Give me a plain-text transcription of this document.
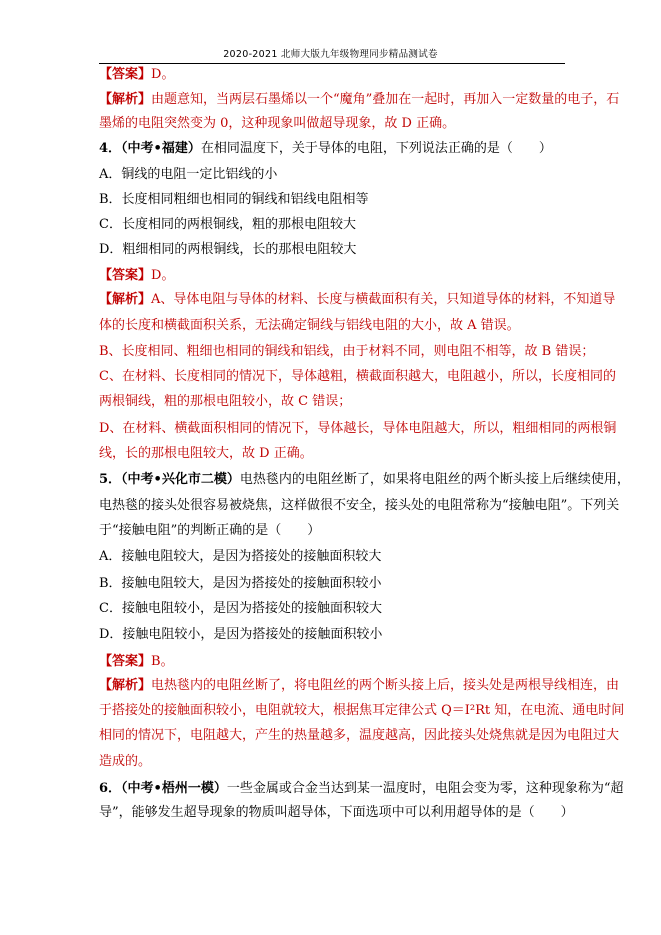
2020-2021 北师大版九年级物理同步精品测试卷
【答案】D。
【解析】由题意知，当两层石墨烯以一个“魔角”叠加在一起时，再加入一定数量的电子，石
墨烯的电阻突然变为 0，这种现象叫做超导现象，故 D 正确。
4．（中考•福建）在相同温度下，关于导体的电阻，下列说法正确的是（　　）
A．铜线的电阻一定比铝线的小
B．长度相同粗细也相同的铜线和铝线电阻相等
C．长度相同的两根铜线，粗的那根电阻较大
D．粗细相同的两根铜线，长的那根电阻较大
【答案】D。
【解析】A、导体电阻与导体的材料、长度与横截面积有关，只知道导体的材料，不知道导
体的长度和横截面积关系，无法确定铜线与铝线电阻的大小，故 A 错误。
B、长度相同、粗细也相同的铜线和铝线，由于材料不同，则电阻不相等，故 B 错误；
C、在材料、长度相同的情况下，导体越粗，横截面积越大，电阻越小，所以，长度相同的
两根铜线，粗的那根电阻较小，故 C 错误；
D、在材料、横截面积相同的情况下，导体越长，导体电阻越大，所以，粗细相同的两根铜
线，长的那根电阻较大，故 D 正确。
5．（中考•兴化市二模）电热毯内的电阻丝断了，如果将电阻丝的两个断头接上后继续使用，
电热毯的接头处很容易被烧焦，这样做很不安全，接头处的电阻常称为“接触电阻”。下列关
于“接触电阻”的判断正确的是（　　）
A．接触电阻较大，是因为搭接处的接触面积较大
B．接触电阻较大，是因为搭接处的接触面积较小
C．接触电阻较小，是因为搭接处的接触面积较大
D．接触电阻较小，是因为搭接处的接触面积较小
【答案】B。
【解析】电热毯内的电阻丝断了，将电阻丝的两个断头接上后，接头处是两根导线相连，由
于搭接处的接触面积较小，电阻就较大，根据焦耳定律公式 Q＝I²Rt 知，在电流、通电时间
相同的情况下，电阻越大，产生的热量越多，温度越高，因此接头处烧焦就是因为电阻过大
造成的。
6．（中考•梧州一模）一些金属或合金当达到某一温度时，电阻会变为零，这种现象称为“超
导”，能够发生超导现象的物质叫超导体，下面选项中可以利用超导体的是（　　）
